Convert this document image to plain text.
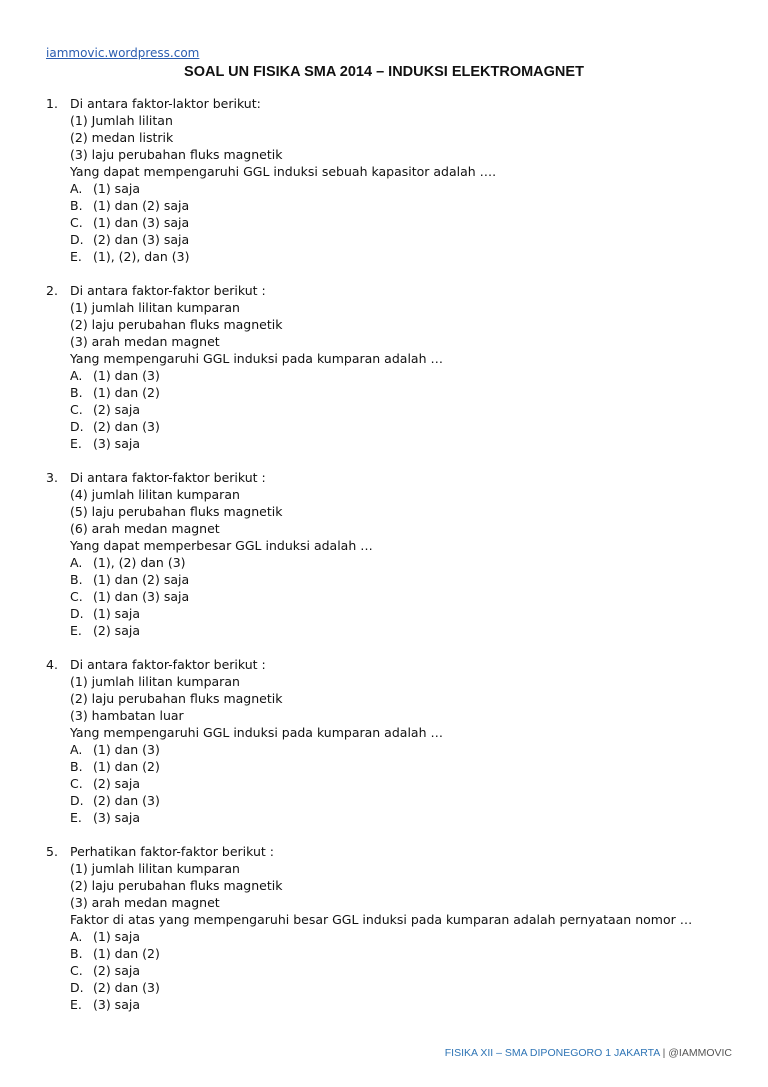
iammovic.wordpress.com
SOAL UN FISIKA SMA 2014 – INDUKSI ELEKTROMAGNET
1. Di antara faktor-laktor berikut:
(1) Jumlah lilitan
(2) medan listrik
(3) laju perubahan fluks magnetik
Yang dapat mempengaruhi GGL induksi sebuah kapasitor adalah ….
A. (1) saja
B. (1) dan (2) saja
C. (1) dan (3) saja
D. (2) dan (3) saja
E. (1), (2), dan (3)
2. Di antara faktor-faktor berikut :
(1) jumlah lilitan kumparan
(2) laju perubahan fluks magnetik
(3) arah medan magnet
Yang mempengaruhi GGL induksi pada kumparan adalah …
A. (1) dan (3)
B. (1) dan (2)
C. (2) saja
D. (2) dan (3)
E. (3) saja
3. Di antara faktor-faktor berikut :
(4) jumlah lilitan kumparan
(5) laju perubahan fluks magnetik
(6) arah medan magnet
Yang dapat memperbesar GGL induksi adalah …
A. (1), (2) dan (3)
B. (1) dan (2) saja
C. (1) dan (3) saja
D. (1) saja
E. (2) saja
4. Di antara faktor-faktor berikut :
(1) jumlah lilitan kumparan
(2) laju perubahan fluks magnetik
(3) hambatan luar
Yang mempengaruhi GGL induksi pada kumparan adalah …
A. (1) dan (3)
B. (1) dan (2)
C. (2) saja
D. (2) dan (3)
E. (3) saja
5. Perhatikan faktor-faktor berikut :
(1) jumlah lilitan kumparan
(2) laju perubahan fluks magnetik
(3) arah medan magnet
Faktor di atas yang mempengaruhi besar GGL induksi pada kumparan adalah pernyataan nomor …
A. (1) saja
B. (1) dan (2)
C. (2) saja
D. (2) dan (3)
E. (3) saja
FISIKA XII – SMA DIPONEGORO 1 JAKARTA | @IAMMOVIC
